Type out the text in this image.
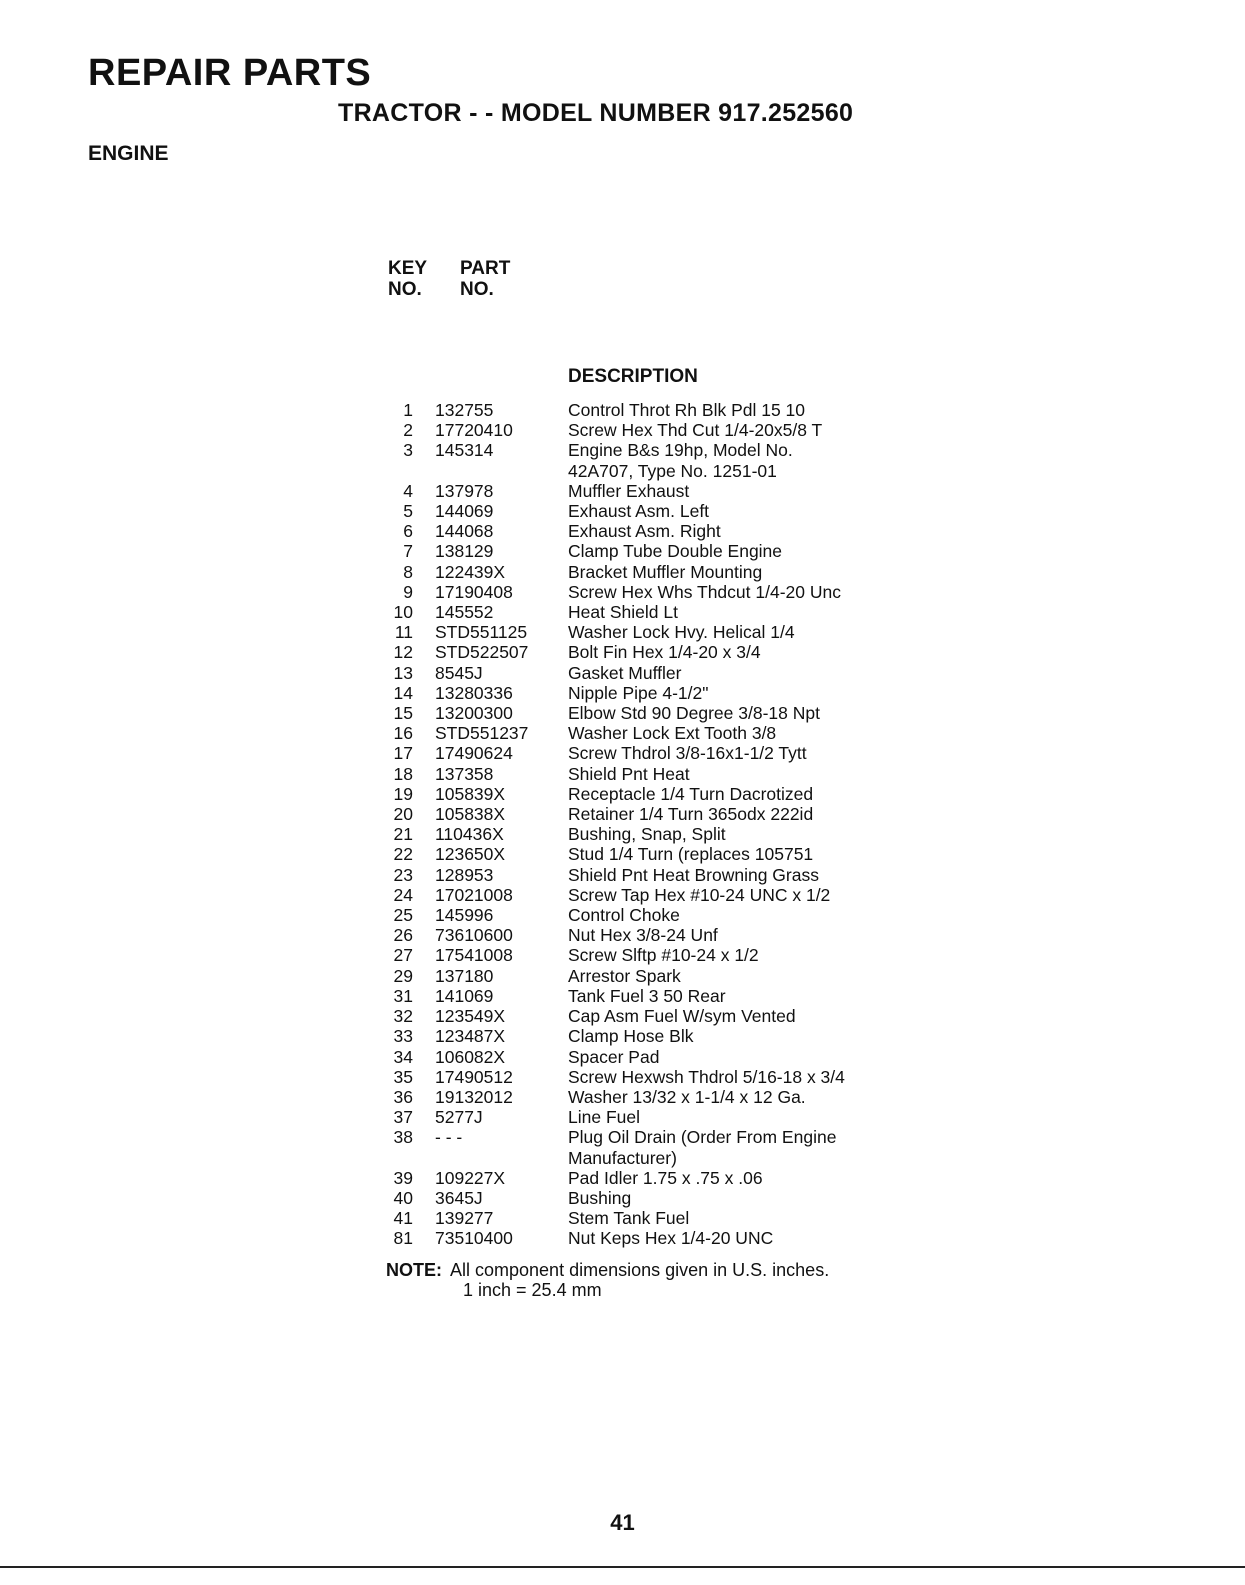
REPAIR PARTS
TRACTOR - - MODEL NUMBER 917.252560
ENGINE
KEY
NO.
PART
NO.
DESCRIPTION
1	132755	Control Throt Rh Blk Pdl 15 10
2	17720410	Screw Hex Thd Cut 1/4-20x5/8 T
3	145314	Engine B&s 19hp, Model No.
42A707, Type No. 1251-01
4	137978	Muffler Exhaust
5	144069	Exhaust Asm. Left
6	144068	Exhaust Asm. Right
7	138129	Clamp Tube Double Engine
8	122439X	Bracket Muffler Mounting
9	17190408	Screw Hex Whs Thdcut 1/4-20 Unc
10	145552	Heat Shield Lt
11	STD551125	Washer Lock Hvy. Helical 1/4
12	STD522507	Bolt Fin Hex 1/4-20 x 3/4
13	8545J	Gasket Muffler
14	13280336	Nipple Pipe 4-1/2"
15	13200300	Elbow Std 90 Degree 3/8-18 Npt
16	STD551237	Washer Lock Ext Tooth 3/8
17	17490624	Screw Thdrol 3/8-16x1-1/2 Tytt
18	137358	Shield Pnt Heat
19	105839X	Receptacle 1/4 Turn Dacrotized
20	105838X	Retainer 1/4 Turn 365odx 222id
21	110436X	Bushing, Snap, Split
22	123650X	Stud 1/4 Turn (replaces 105751
23	128953	Shield Pnt Heat Browning Grass
24	17021008	Screw Tap Hex #10-24 UNC x 1/2
25	145996	Control Choke
26	73610600	Nut Hex 3/8-24 Unf
27	17541008	Screw Slftp #10-24 x 1/2
29	137180	Arrestor Spark
31	141069	Tank Fuel 3 50 Rear
32	123549X	Cap Asm Fuel W/sym Vented
33	123487X	Clamp Hose Blk
34	106082X	Spacer Pad
35	17490512	Screw Hexwsh Thdrol 5/16-18 x 3/4
36	19132012	Washer 13/32 x 1-1/4 x 12 Ga.
37	5277J	Line Fuel
38	- - -	Plug Oil Drain (Order From Engine
Manufacturer)
39	109227X	Pad Idler 1.75 x .75 x .06
40	3645J	Bushing
41	139277	Stem Tank Fuel
81	73510400	Nut Keps Hex 1/4-20 UNC
NOTE: All component dimensions given in U.S. inches.
1 inch = 25.4 mm
41
